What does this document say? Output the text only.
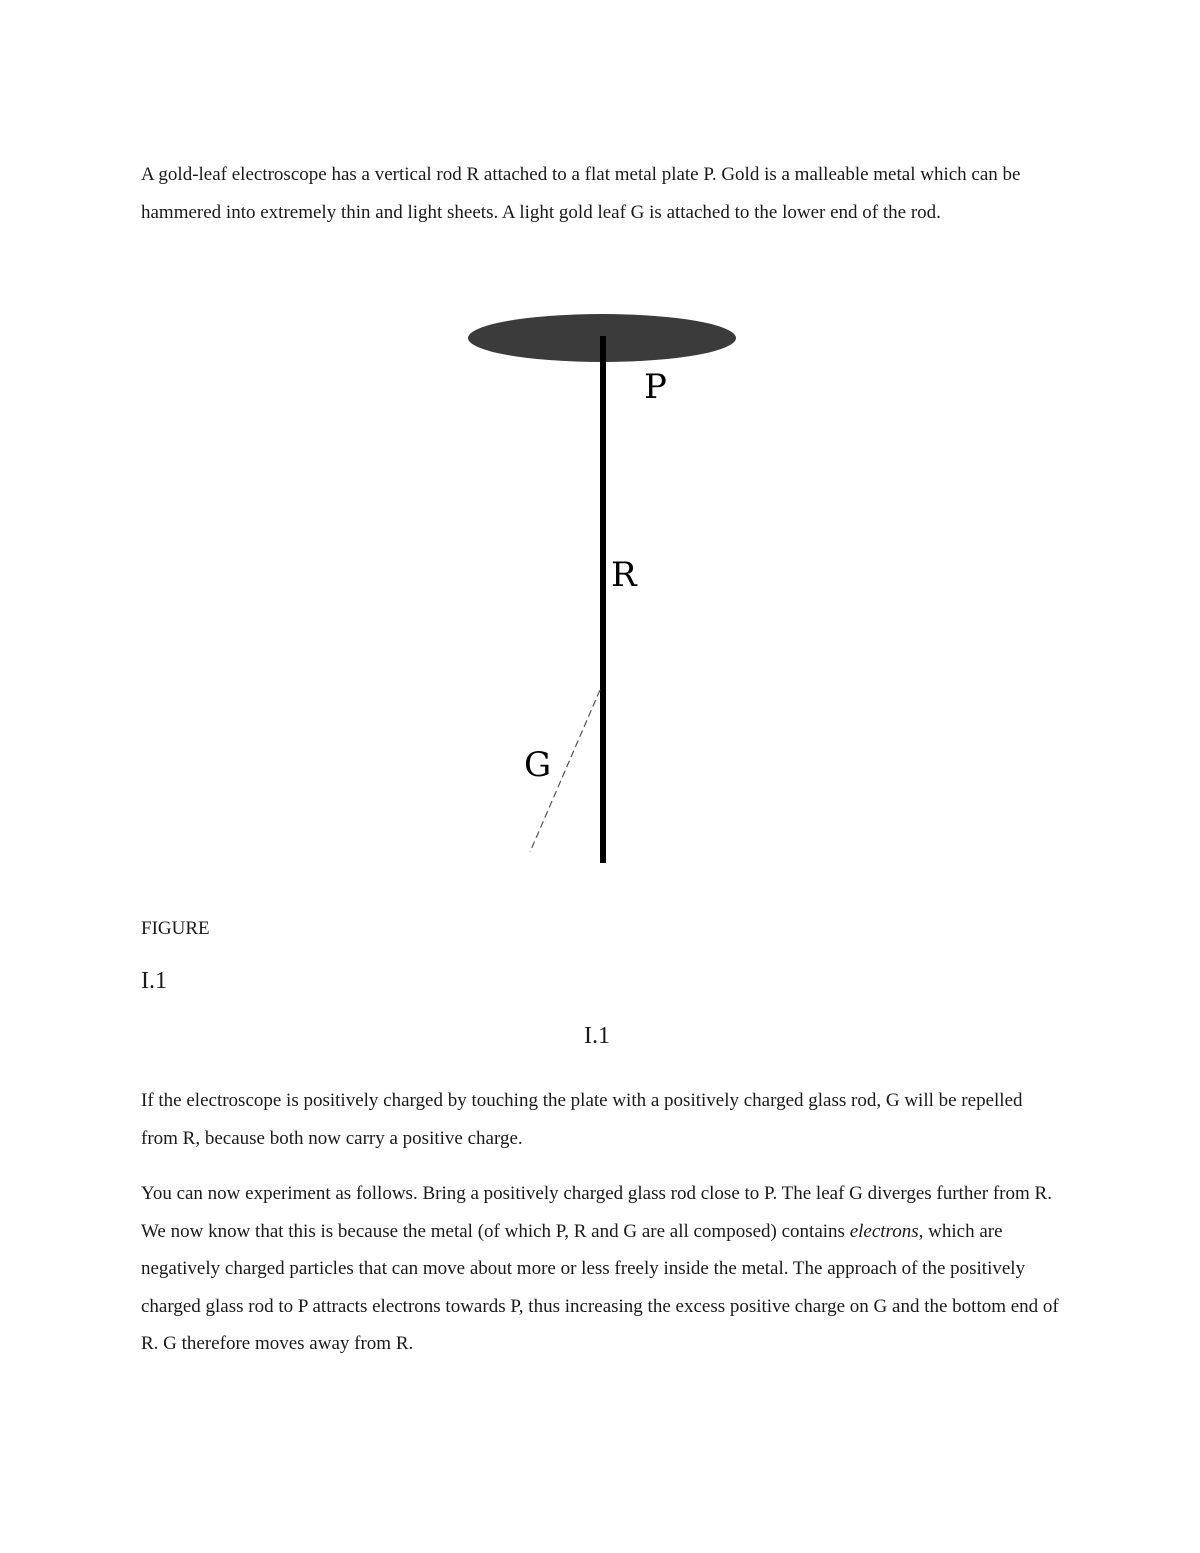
A gold-leaf electroscope has a vertical rod R attached to a flat metal plate P. Gold is a malleable metal which can be hammered into extremely thin and light sheets. A light gold leaf G is attached to the lower end of the rod.

P
R
G

FIGURE

I.1

I.1

If the electroscope is positively charged by touching the plate with a positively charged glass rod, G will be repelled from R, because both now carry a positive charge.

You can now experiment as follows. Bring a positively charged glass rod close to P. The leaf G diverges further from R. We now know that this is because the metal (of which P, R and G are all composed) contains electrons, which are negatively charged particles that can move about more or less freely inside the metal. The approach of the positively charged glass rod to P attracts electrons towards P, thus increasing the excess positive charge on G and the bottom end of R. G therefore moves away from R.
